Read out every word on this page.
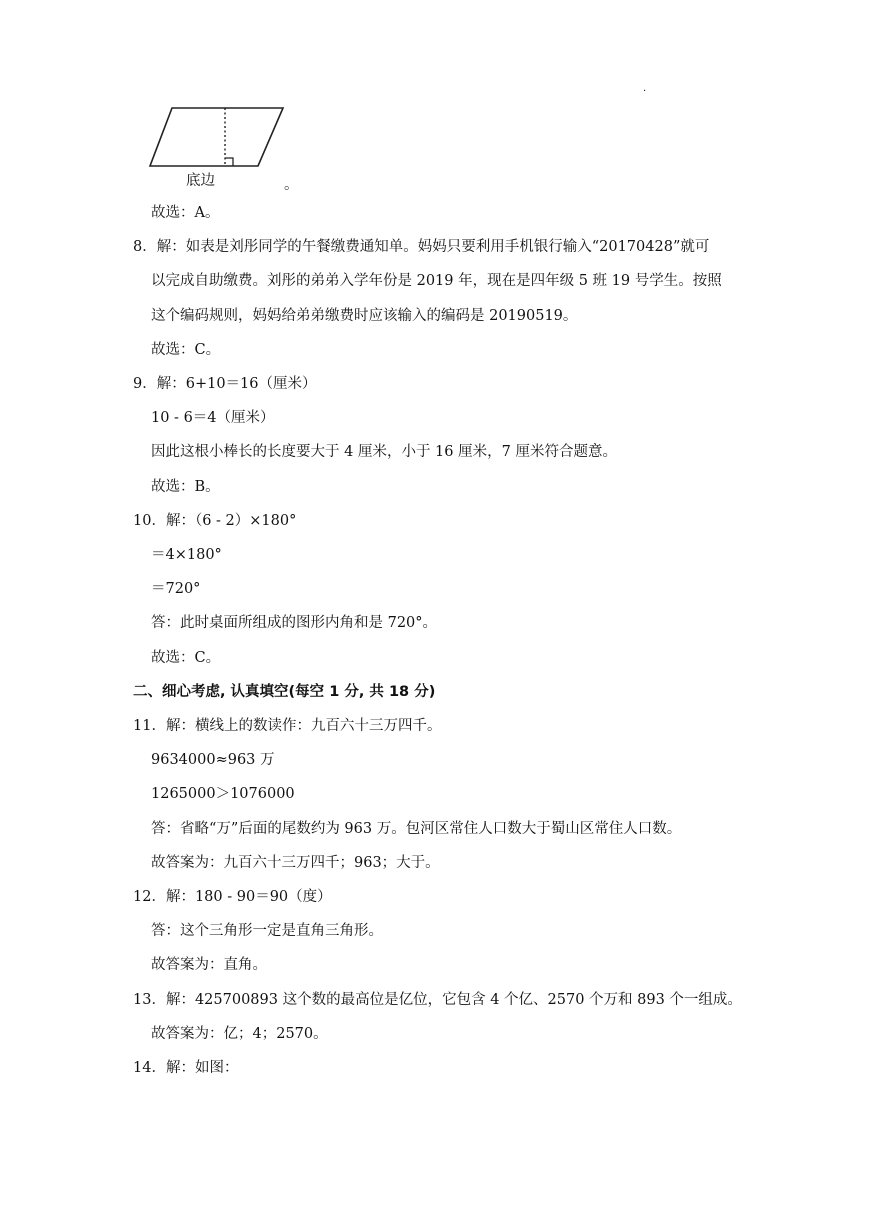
·
底边	。
故选：A。
8．解：如表是刘彤同学的午餐缴费通知单。妈妈只要利用手机银行输入“20170428”就可
以完成自助缴费。刘彤的弟弟入学年份是 2019 年，现在是四年级 5 班 19 号学生。按照
这个编码规则，妈妈给弟弟缴费时应该输入的编码是 20190519。
故选：C。
9．解：6+10＝16（厘米）
10 - 6＝4（厘米）
因此这根小棒长的长度要大于 4 厘米，小于 16 厘米，7 厘米符合题意。
故选：B。
10．解：（6 - 2）×180°
＝4×180°
＝720°
答：此时桌面所组成的图形内角和是 720°。
故选：C。
二、细心考虑, 认真填空(每空 1 分, 共 18 分)
11．解：横线上的数读作：九百六十三万四千。
9634000≈963 万
1265000＞1076000
答：省略“万”后面的尾数约为 963 万。包河区常住人口数大于蜀山区常住人口数。
故答案为：九百六十三万四千；963；大于。
12．解：180 - 90＝90（度）
答：这个三角形一定是直角三角形。
故答案为：直角。
13．解：425700893 这个数的最高位是亿位，它包含 4 个亿、2570 个万和 893 个一组成。
故答案为：亿；4；2570。
14．解：如图：
